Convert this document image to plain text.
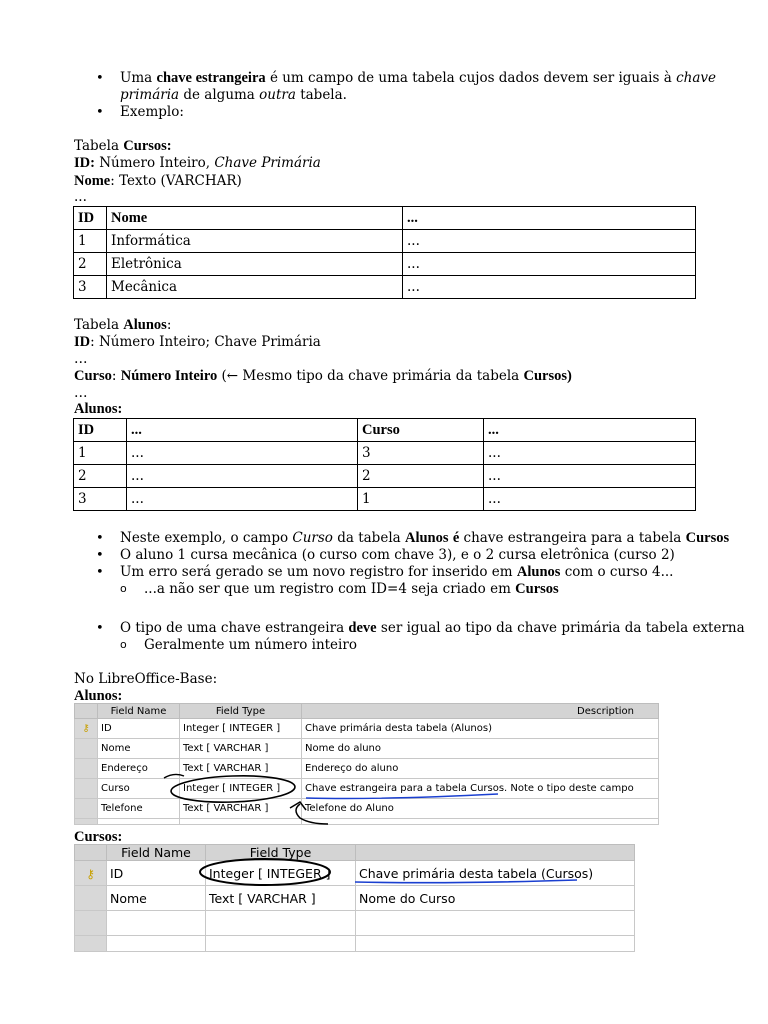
• Uma chave estrangeira é um campo de uma tabela cujos dados devem ser iguais à chave
primária de alguma outra tabela.
• Exemplo:
Tabela Cursos:
ID: Número Inteiro, Chave Primária
Nome: Texto (VARCHAR)
...
ID	Nome	...
1	Informática	...
2	Eletrônica	...
3	Mecânica	...
Tabela Alunos:
ID: Número Inteiro; Chave Primária
…
Curso: Número Inteiro (← Mesmo tipo da chave primária da tabela Cursos)
…
Alunos:
ID	...	Curso	...
1	...	3	...
2	...	2	...
3	...	1	...
• Neste exemplo, o campo Curso da tabela Alunos é chave estrangeira para a tabela Cursos
• O aluno 1 cursa mecânica (o curso com chave 3), e o 2 cursa eletrônica (curso 2)
• Um erro será gerado se um novo registro for inserido em Alunos com o curso 4...
o ...a não ser que um registro com ID=4 seja criado em Cursos
• O tipo de uma chave estrangeira deve ser igual ao tipo da chave primária da tabela externa
o Geralmente um número inteiro
No LibreOffice-Base:
Alunos:
	Field Name	Field Type	Description
⚷	ID	Integer [ INTEGER ]	Chave primária desta tabela (Alunos)
	Nome	Text [ VARCHAR ]	Nome do aluno
	Endereço	Text [ VARCHAR ]	Endereço do aluno
	Curso	Integer [ INTEGER ]	Chave estrangeira para a tabela Cursos. Note o tipo deste campo
	Telefone	Text [ VARCHAR ]	Telefone do Aluno

Cursos:
	Field Name	Field Type	
⚷	ID	Integer [ INTEGER ]	Chave primária desta tabela (Cursos)
	Nome	Text [ VARCHAR ]	Nome do Curso
